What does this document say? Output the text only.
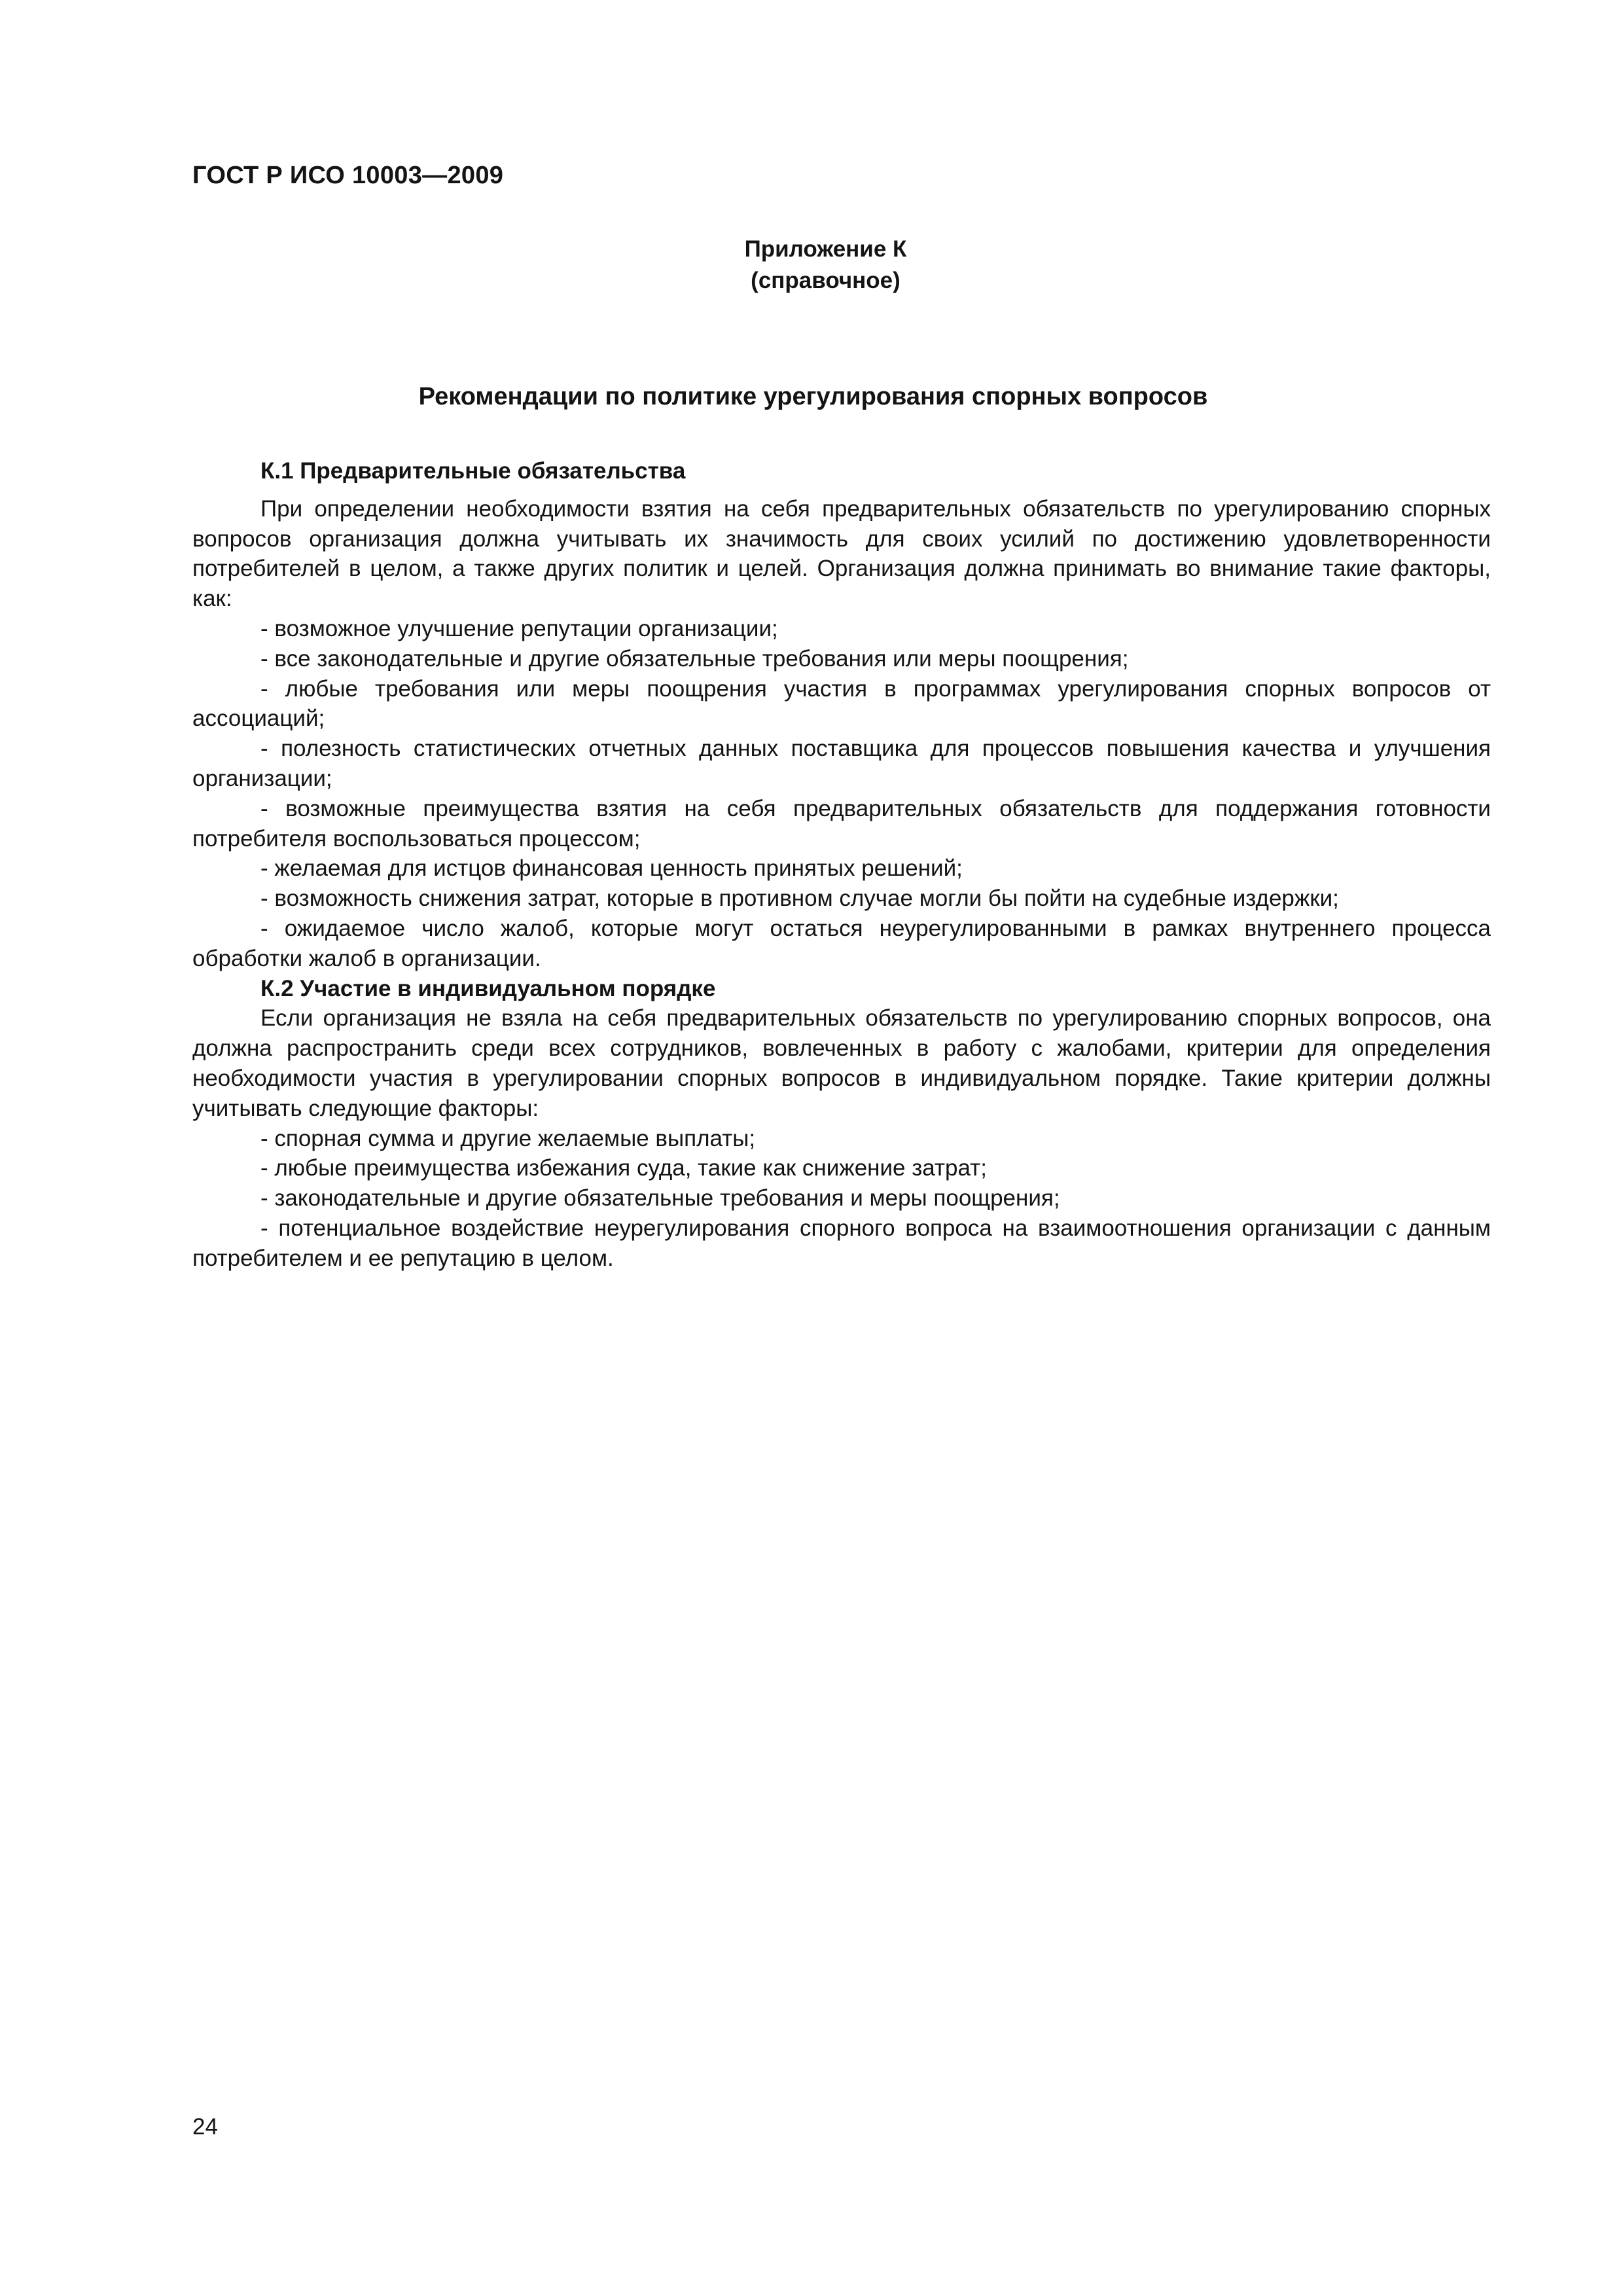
ГОСТ Р ИСО 10003—2009
Приложение К
(справочное)
Рекомендации по политике урегулирования спорных вопросов
К.1 Предварительные обязательства

При определении необходимости взятия на себя предварительных обязательств по урегулированию спорных вопросов организация должна учитывать их значимость для своих усилий по достижению удовлетворенности потребителей в целом, а также других политик и целей. Организация должна принимать во внимание такие факторы, как:

- возможное улучшение репутации организации;

- все законодательные и другие обязательные требования или меры поощрения;

- любые требования или меры поощрения участия в программах урегулирования спорных вопросов от ассоциаций;

- полезность статистических отчетных данных поставщика для процессов повышения качества и улучшения организации;

- возможные преимущества взятия на себя предварительных обязательств для поддержания готовности потребителя воспользоваться процессом;

- желаемая для истцов финансовая ценность принятых решений;

- возможность снижения затрат, которые в противном случае могли бы пойти на судебные издержки;

- ожидаемое число жалоб, которые могут остаться неурегулированными в рамках внутреннего процесса обработки жалоб в организации.

К.2 Участие в индивидуальном порядке

Если организация не взяла на себя предварительных обязательств по урегулированию спорных вопросов, она должна распространить среди всех сотрудников, вовлеченных в работу с жалобами, критерии для определения необходимости участия в урегулировании спорных вопросов в индивидуальном порядке. Такие критерии должны учитывать следующие факторы:

- спорная сумма и другие желаемые выплаты;

- любые преимущества избежания суда, такие как снижение затрат;

- законодательные и другие обязательные требования и меры поощрения;

- потенциальное воздействие неурегулирования спорного вопроса на взаимоотношения организации с данным потребителем и ее репутацию в целом.

24
